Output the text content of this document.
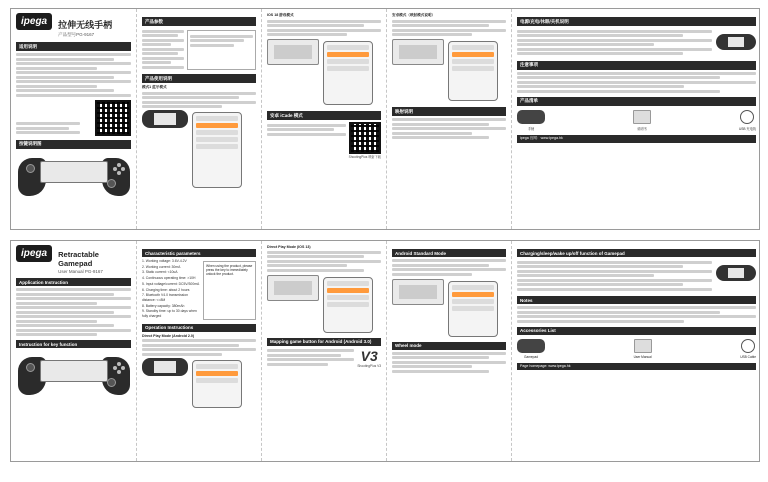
ipega	拉伸无线手柄
产品型号PG-9167
适用说明
按键说明图
产品参数
产品使用说明
模式1 蓝牙模式
IOS 18 游戏模式
安卓 iCade 模式
ShootingPlus 映射下载
安卓模式（映射模式说明）
映射说明
电源/充电/休眠/关机说明
注意事项
产品清单
手柄	说明书	USB 充电线
ipega 官网：www.ipega.hk
ipega	Retractable Gamepad
User Manual PG-9167
Application Instruction
Instruction for key function
Characteristic parameters

1. Working voltage: 3.6V-4.2V

2. Working current: 30mA

3. Static current: <10uA

4. Continuous operating time: >10H

5. Input voltage/current: DC5V/300mA

6. Charging time: about 2 hours

7. Bluetooth V4.0 transmission distance: <=8M

8. Battery capacity: 380mAh

9. Standby time: up to 30 days when fully charged

When using the product, please press the key to immediately unlock the product.
Operation Instructions
Direct Play Mode (Android 2.0)
Direct Play Mode (IOS 13)
Mapping game button for Android (Android 3.0)
V3
ShootingPlus V3
Android Standard Mode
Wheel mode
Charging/sleep/wake up/off function of Gamepad
Notes
Accessories List
Gamepad	User Manual	USB Cable
Page homepage: www.ipega.hk
